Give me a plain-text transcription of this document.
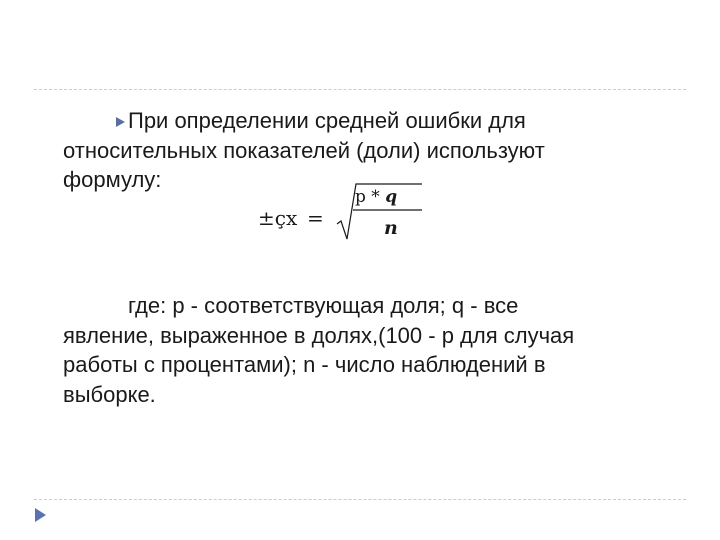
При определении средней ошибки для
относительных показателей (доли) используют
формулу:

±çx =
p * q
n

где: p - соответствующая доля; q - все
явление, выраженное в долях,(100 - p для случая
работы с процентами); n - число наблюдений в
выборке.
